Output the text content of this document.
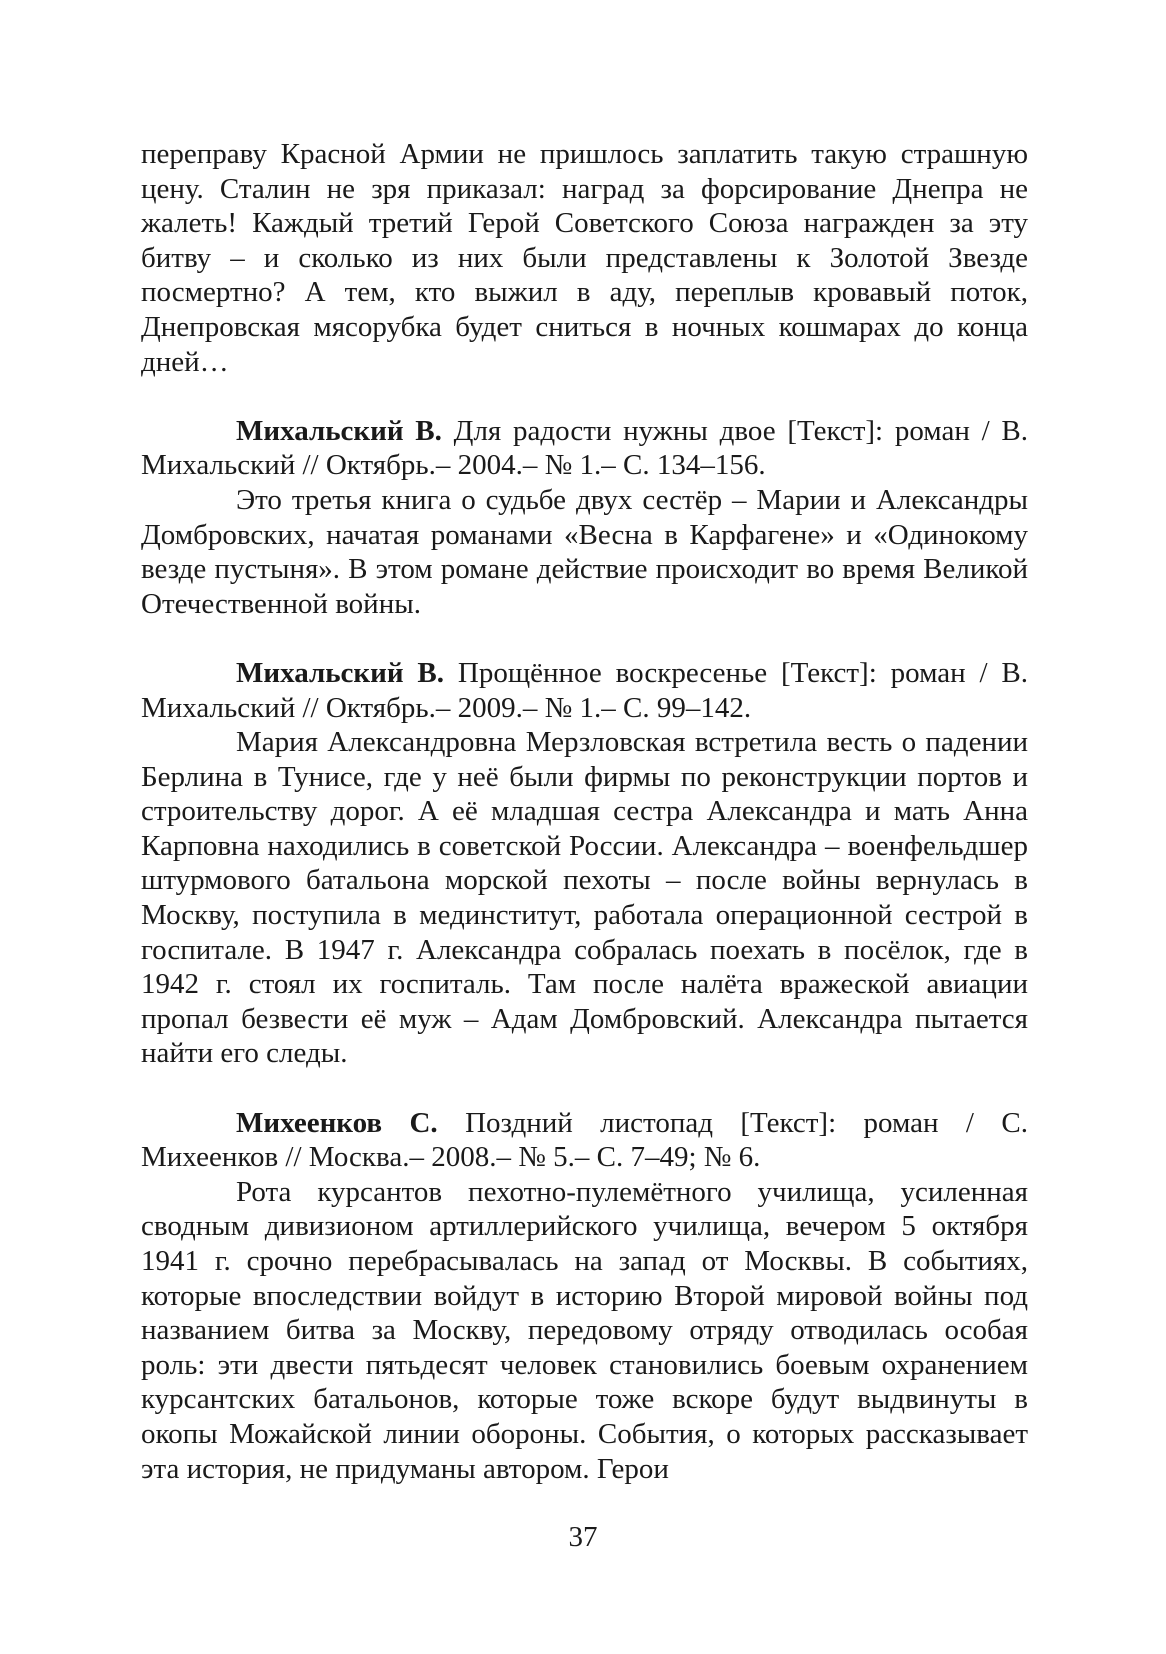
переправу Красной Армии не пришлось заплатить такую страшную цену. Сталин не зря приказал: наград за форсирование Днепра не жалеть! Каждый третий Герой Советского Союза награжден за эту битву – и сколько из них были представлены к Золотой Звезде посмертно? А тем, кто выжил в аду, переплыв кровавый поток, Днепровская мясорубка будет сниться в ночных кошмарах до конца дней…

Михальский В. Для радости нужны двое [Текст]: роман / В. Михальский // Октябрь.– 2004.– № 1.– С. 134–156.

Это третья книга о судьбе двух сестёр – Марии и Александры Домбровских, начатая романами «Весна в Карфагене» и «Одинокому везде пустыня». В этом романе действие происходит во время Великой Отечественной войны.

Михальский В. Прощённое воскресенье [Текст]: роман / В. Михальский // Октябрь.– 2009.– № 1.– С. 99–142.

Мария Александровна Мерзловская встретила весть о падении Берлина в Тунисе, где у неё были фирмы по реконструкции портов и строительству дорог. А её младшая сестра Александра и мать Анна Карповна находились в советской России. Александра – военфельдшер штурмового батальона морской пехоты – после войны вернулась в Москву, поступила в мединститут, работала операционной сестрой в госпитале. В 1947 г. Александра собралась поехать в посёлок, где в 1942 г. стоял их госпиталь. Там после налёта вражеской авиации пропал безвести её муж – Адам Домбровский. Александра пытается найти его следы.

Михеенков С. Поздний листопад [Текст]: роман / С. Михеенков // Москва.– 2008.– № 5.– С. 7–49; № 6.

Рота курсантов пехотно-пулемётного училища, усиленная сводным дивизионом артиллерийского училища, вечером 5 октября 1941 г. срочно перебрасывалась на запад от Москвы. В событиях, которые впоследствии войдут в историю Второй мировой войны под названием битва за Москву, передовому отряду отводилась особая роль: эти двести пятьдесят человек становились боевым охранением курсантских батальонов, которые тоже вскоре будут выдвинуты в окопы Можайской линии обороны. События, о которых рассказывает эта история, не придуманы автором. Герои

37
